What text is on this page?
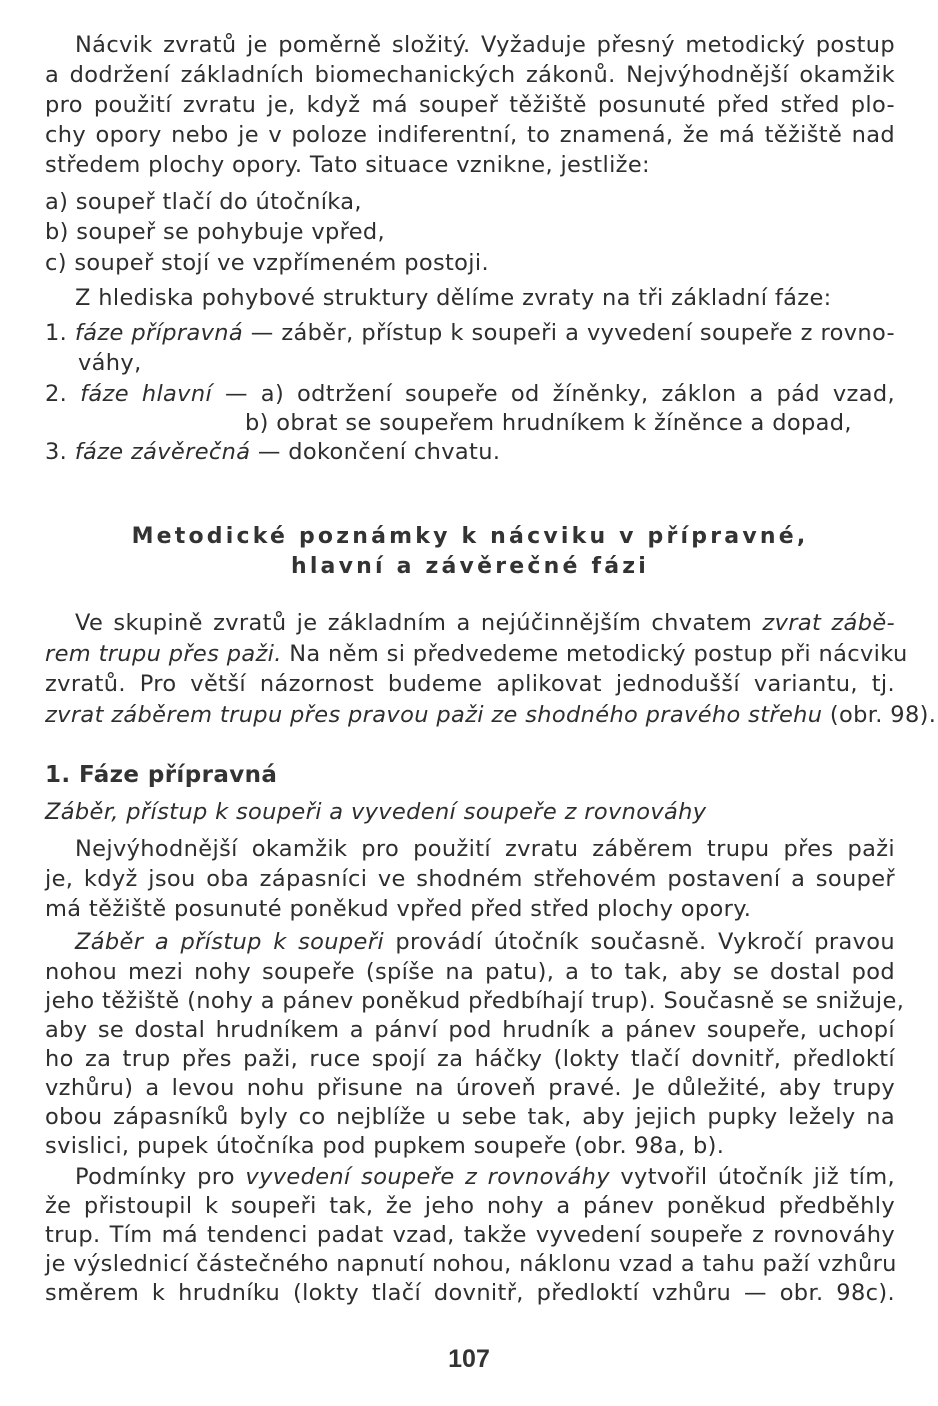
Nácvik zvratů je poměrně složitý. Vyžaduje přesný metodický postup
a dodržení základních biomechanických zákonů. Nejvýhodnější okamžik
pro použití zvratu je, když má soupeř těžiště posunuté před střed plo-
chy opory nebo je v poloze indiferentní, to znamená, že má těžiště nad
středem plochy opory. Tato situace vznikne, jestliže:
a) soupeř tlačí do útočníka,
b) soupeř se pohybuje vpřed,
c) soupeř stojí ve vzpřímeném postoji.
Z hlediska pohybové struktury dělíme zvraty na tři základní fáze:
1. fáze přípravná — záběr, přístup k soupeři a vyvedení soupeře z rovno-
váhy,
2. fáze hlavní — a) odtržení soupeře od žíněnky, záklon a pád vzad,
b) obrat se soupeřem hrudníkem k žíněnce a dopad,
3. fáze závěrečná — dokončení chvatu.
Metodické poznámky k nácviku v přípravné,
hlavní a závěrečné fázi
Ve skupině zvratů je základním a nejúčinnějším chvatem zvrat zábě-
rem trupu přes paži. Na něm si předvedeme metodický postup při nácviku
zvratů. Pro větší názornost budeme aplikovat jednodušší variantu, tj.
zvrat záběrem trupu přes pravou paži ze shodného pravého střehu (obr. 98).
1. Fáze přípravná
Záběr, přístup k soupeři a vyvedení soupeře z rovnováhy
Nejvýhodnější okamžik pro použití zvratu záběrem trupu přes paži
je, když jsou oba zápasníci ve shodném střehovém postavení a soupeř
má těžiště posunuté poněkud vpřed před střed plochy opory.
Záběr a přístup k soupeři provádí útočník současně. Vykročí pravou
nohou mezi nohy soupeře (spíše na patu), a to tak, aby se dostal pod
jeho těžiště (nohy a pánev poněkud předbíhají trup). Současně se snižuje,
aby se dostal hrudníkem a pánví pod hrudník a pánev soupeře, uchopí
ho za trup přes paži, ruce spojí za háčky (lokty tlačí dovnitř, předloktí
vzhůru) a levou nohu přisune na úroveň pravé. Je důležité, aby trupy
obou zápasníků byly co nejblíže u sebe tak, aby jejich pupky ležely na
svislici, pupek útočníka pod pupkem soupeře (obr. 98a, b).
Podmínky pro vyvedení soupeře z rovnováhy vytvořil útočník již tím,
že přistoupil k soupeři tak, že jeho nohy a pánev poněkud předběhly
trup. Tím má tendenci padat vzad, takže vyvedení soupeře z rovnováhy
je výslednicí částečného napnutí nohou, náklonu vzad a tahu paží vzhůru
směrem k hrudníku (lokty tlačí dovnitř, předloktí vzhůru — obr. 98c).
107
